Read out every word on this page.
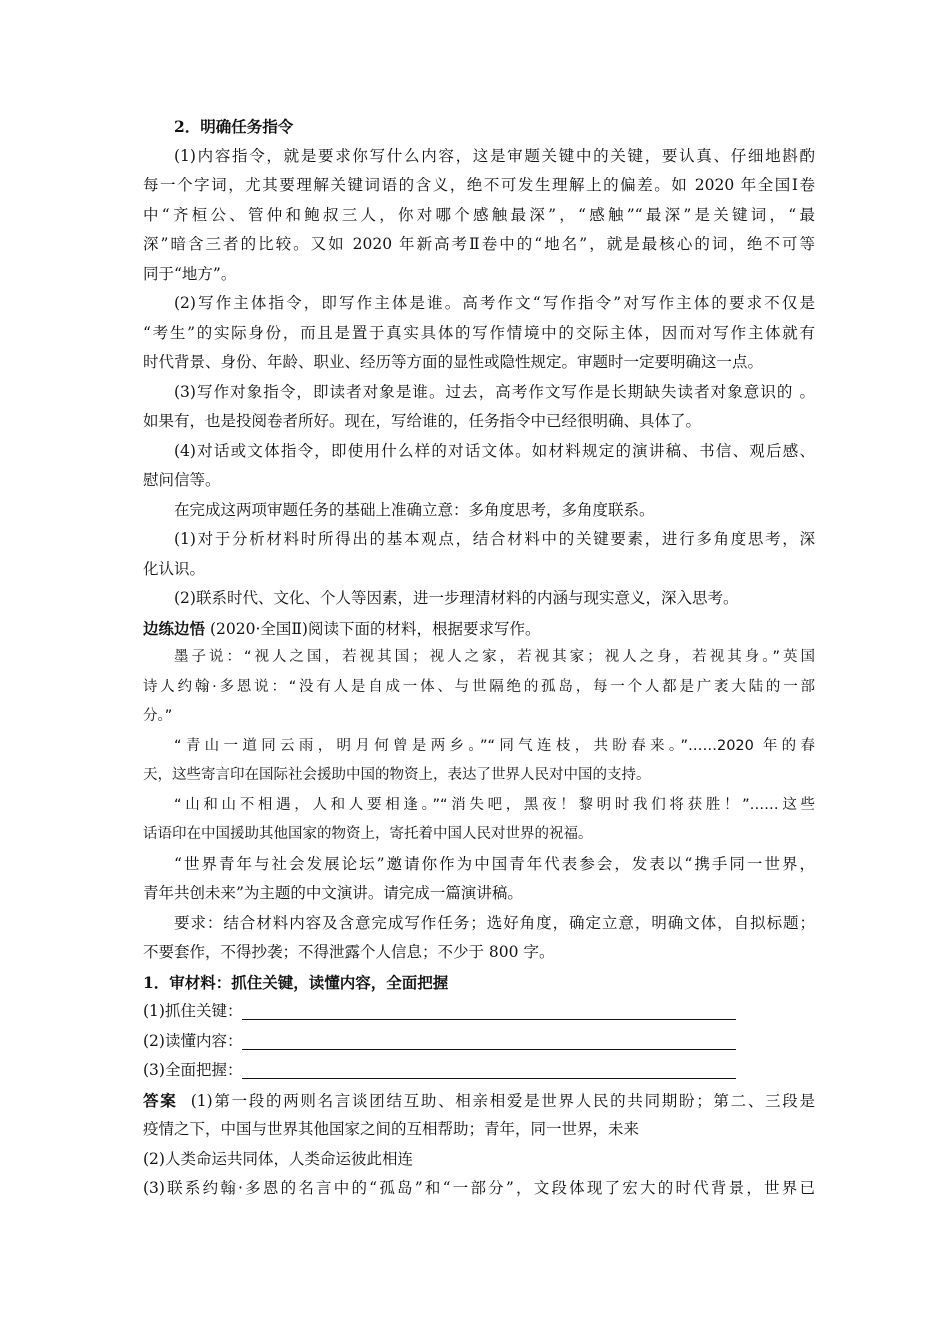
2．明确任务指令
(1)内容指令，就是要求你写什么内容，这是审题关键中的关键，要认真、仔细地斟酌
每一个字词，尤其要理解关键词语的含义，绝不可发生理解上的偏差。如 2020 年全国Ⅰ卷
中“齐桓公、管仲和鲍叔三人，你对哪个感触最深”，“感触”“最深”是关键词，“最
深”暗含三者的比较。又如 2020 年新高考Ⅱ卷中的“地名”，就是最核心的词，绝不可等
同于“地方”。
(2)写作主体指令，即写作主体是谁。高考作文“写作指令”对写作主体的要求不仅是
“考生”的实际身份，而且是置于真实具体的写作情境中的交际主体，因而对写作主体就有
时代背景、身份、年龄、职业、经历等方面的显性或隐性规定。审题时一定要明确这一点。
(3)写作对象指令，即读者对象是谁。过去，高考作文写作是长期缺失读者对象意识的 。
如果有，也是投阅卷者所好。现在，写给谁的，任务指令中已经很明确、具体了。
(4)对话或文体指令，即使用什么样的对话文体。如材料规定的演讲稿、书信、观后感、
慰问信等。
在完成这两项审题任务的基础上准确立意：多角度思考，多角度联系。
(1)对于分析材料时所得出的基本观点，结合材料中的关键要素，进行多角度思考，深
化认识。
(2)联系时代、文化、个人等因素，进一步理清材料的内涵与现实意义，深入思考。
边练边悟 (2020·全国Ⅱ)阅读下面的材料，根据要求写作。
墨子说：“视人之国，若视其国；视人之家，若视其家；视人之身，若视其身。”英国
诗人约翰·多恩说：“没有人是自成一体、与世隔绝的孤岛，每一个人都是广袤大陆的一部
分。”
“青山一道同云雨，明月何曾是两乡。”“同气连枝，共盼春来。”……2020 年的春
天，这些寄言印在国际社会援助中国的物资上，表达了世界人民对中国的支持。
“山和山不相遇，人和人要相逢。”“消失吧，黑夜！黎明时我们将获胜！”……这些
话语印在中国援助其他国家的物资上，寄托着中国人民对世界的祝福。
“世界青年与社会发展论坛”邀请你作为中国青年代表参会，发表以“携手同一世界，
青年共创未来”为主题的中文演讲。请完成一篇演讲稿。
要求：结合材料内容及含意完成写作任务；选好角度，确定立意，明确文体，自拟标题；
不要套作，不得抄袭；不得泄露个人信息；不少于 800 字。
1．审材料：抓住关键，读懂内容，全面把握
(1)抓住关键：
(2)读懂内容：
(3)全面把握：
答案 (1)第一段的两则名言谈团结互助、相亲相爱是世界人民的共同期盼；第二、三段是
疫情之下，中国与世界其他国家之间的互相帮助；青年，同一世界，未来
(2)人类命运共同体，人类命运彼此相连
(3)联系约翰·多恩的名言中的“孤岛”和“一部分”，文段体现了宏大的时代背景，世界已
